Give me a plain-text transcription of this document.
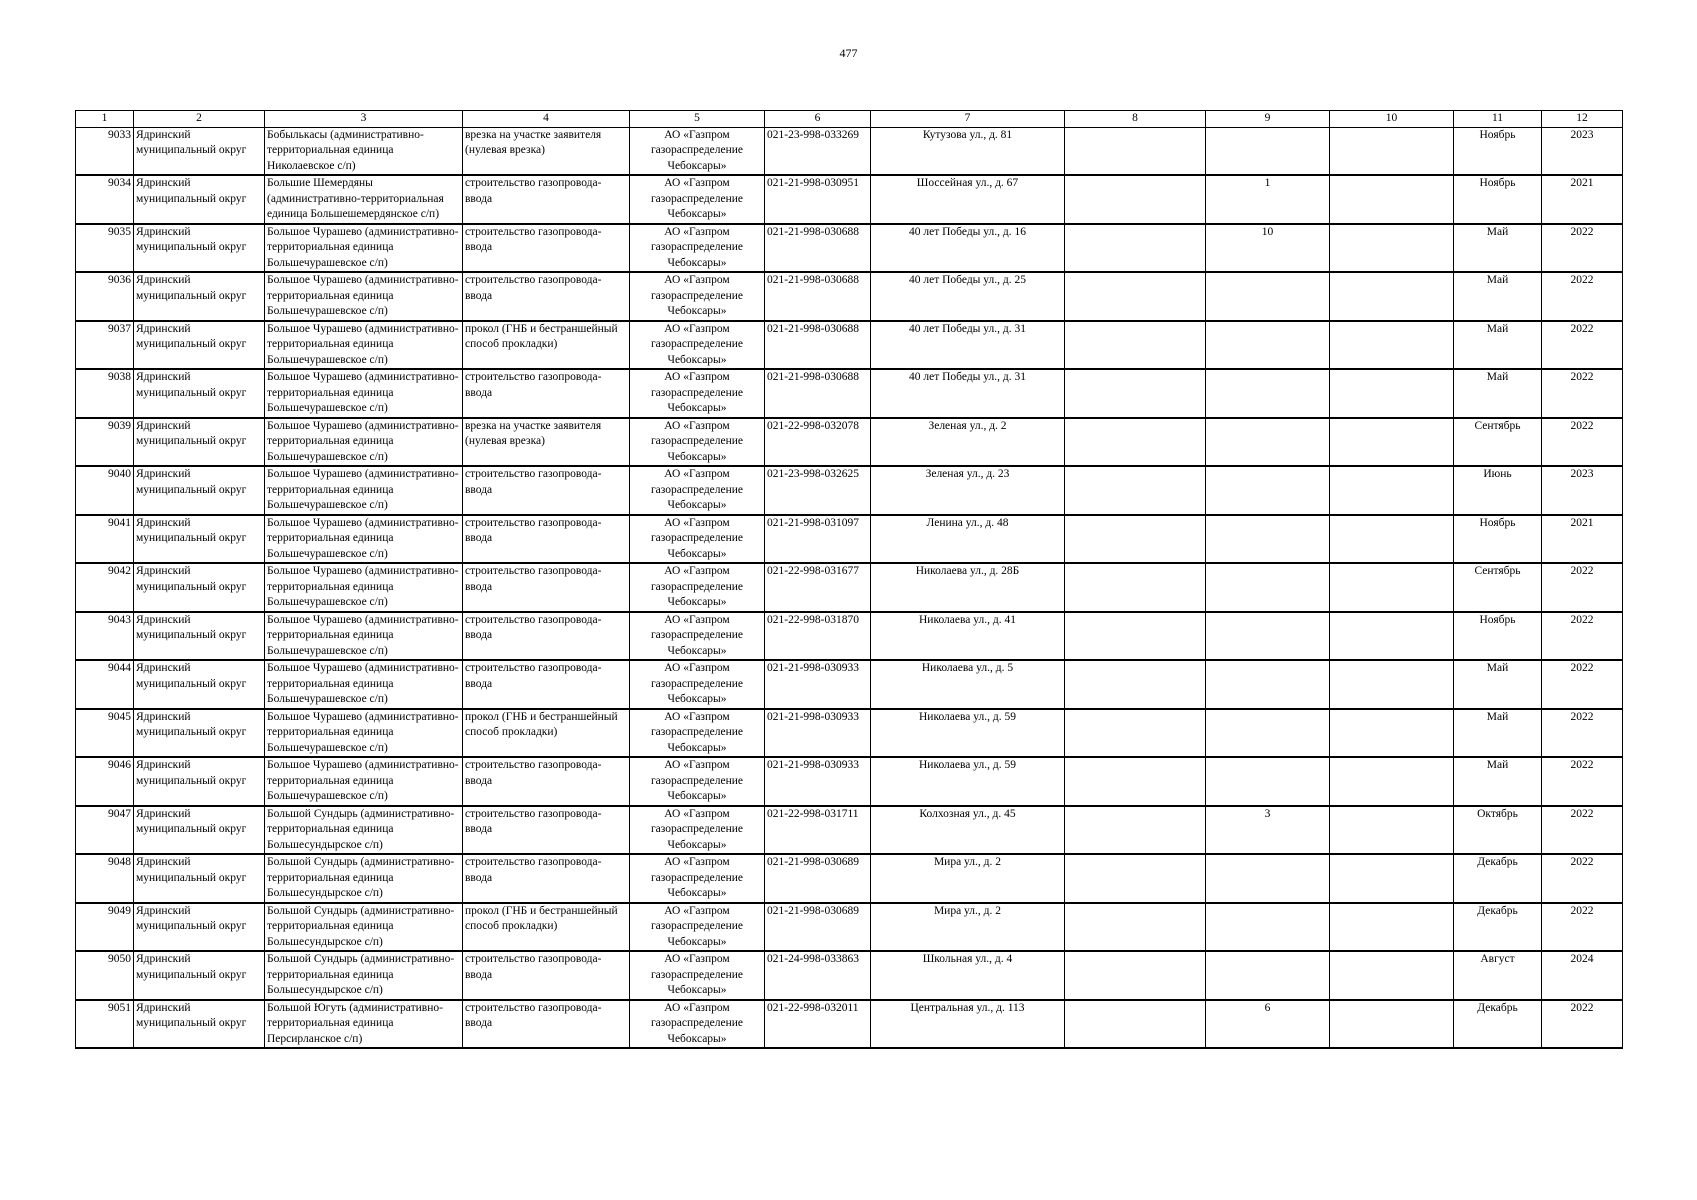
477
1	2	3	4	5	6	7	8	9	10	11	12
9033	Ядринский муниципальный округ	Бобылькасы (административно-территориальная единица Николаевское с/п)	врезка на участке заявителя (нулевая врезка)	АО «Газпром газораспределение Чебоксары»	021-23-998-033269	Кутузова ул., д. 81				Ноябрь	2023
9034	Ядринский муниципальный округ	Большие Шемердяны (административно-территориальная единица Большешемердянское с/п)	строительство газопровода-ввода	АО «Газпром газораспределение Чебоксары»	021-21-998-030951	Шоссейная ул., д. 67		1		Ноябрь	2021
9035	Ядринский муниципальный округ	Большое Чурашево (административно-территориальная единица Большечурашевское с/п)	строительство газопровода-ввода	АО «Газпром газораспределение Чебоксары»	021-21-998-030688	40 лет Победы ул., д. 16		10		Май	2022
9036	Ядринский муниципальный округ	Большое Чурашево (административно-территориальная единица Большечурашевское с/п)	строительство газопровода-ввода	АО «Газпром газораспределение Чебоксары»	021-21-998-030688	40 лет Победы ул., д. 25				Май	2022
9037	Ядринский муниципальный округ	Большое Чурашево (административно-территориальная единица Большечурашевское с/п)	прокол (ГНБ и бестраншейный способ прокладки)	АО «Газпром газораспределение Чебоксары»	021-21-998-030688	40 лет Победы ул., д. 31				Май	2022
9038	Ядринский муниципальный округ	Большое Чурашево (административно-территориальная единица Большечурашевское с/п)	строительство газопровода-ввода	АО «Газпром газораспределение Чебоксары»	021-21-998-030688	40 лет Победы ул., д. 31				Май	2022
9039	Ядринский муниципальный округ	Большое Чурашево (административно-территориальная единица Большечурашевское с/п)	врезка на участке заявителя (нулевая врезка)	АО «Газпром газораспределение Чебоксары»	021-22-998-032078	Зеленая ул., д. 2				Сентябрь	2022
9040	Ядринский муниципальный округ	Большое Чурашево (административно-территориальная единица Большечурашевское с/п)	строительство газопровода-ввода	АО «Газпром газораспределение Чебоксары»	021-23-998-032625	Зеленая ул., д. 23				Июнь	2023
9041	Ядринский муниципальный округ	Большое Чурашево (административно-территориальная единица Большечурашевское с/п)	строительство газопровода-ввода	АО «Газпром газораспределение Чебоксары»	021-21-998-031097	Ленина ул., д. 48				Ноябрь	2021
9042	Ядринский муниципальный округ	Большое Чурашево (административно-территориальная единица Большечурашевское с/п)	строительство газопровода-ввода	АО «Газпром газораспределение Чебоксары»	021-22-998-031677	Николаева ул., д. 28Б				Сентябрь	2022
9043	Ядринский муниципальный округ	Большое Чурашево (административно-территориальная единица Большечурашевское с/п)	строительство газопровода-ввода	АО «Газпром газораспределение Чебоксары»	021-22-998-031870	Николаева ул., д. 41				Ноябрь	2022
9044	Ядринский муниципальный округ	Большое Чурашево (административно-территориальная единица Большечурашевское с/п)	строительство газопровода-ввода	АО «Газпром газораспределение Чебоксары»	021-21-998-030933	Николаева ул., д. 5				Май	2022
9045	Ядринский муниципальный округ	Большое Чурашево (административно-территориальная единица Большечурашевское с/п)	прокол (ГНБ и бестраншейный способ прокладки)	АО «Газпром газораспределение Чебоксары»	021-21-998-030933	Николаева ул., д. 59				Май	2022
9046	Ядринский муниципальный округ	Большое Чурашево (административно-территориальная единица Большечурашевское с/п)	строительство газопровода-ввода	АО «Газпром газораспределение Чебоксары»	021-21-998-030933	Николаева ул., д. 59				Май	2022
9047	Ядринский муниципальный округ	Большой Сундырь (административно-территориальная единица Большесундырское с/п)	строительство газопровода-ввода	АО «Газпром газораспределение Чебоксары»	021-22-998-031711	Колхозная ул., д. 45		3		Октябрь	2022
9048	Ядринский муниципальный округ	Большой Сундырь (административно-территориальная единица Большесундырское с/п)	строительство газопровода-ввода	АО «Газпром газораспределение Чебоксары»	021-21-998-030689	Мира ул., д. 2				Декабрь	2022
9049	Ядринский муниципальный округ	Большой Сундырь (административно-территориальная единица Большесундырское с/п)	прокол (ГНБ и бестраншейный способ прокладки)	АО «Газпром газораспределение Чебоксары»	021-21-998-030689	Мира ул., д. 2				Декабрь	2022
9050	Ядринский муниципальный округ	Большой Сундырь (административно-территориальная единица Большесундырское с/п)	строительство газопровода-ввода	АО «Газпром газораспределение Чебоксары»	021-24-998-033863	Школьная ул., д. 4				Август	2024
9051	Ядринский муниципальный округ	Большой Югуть (административно-территориальная единица Персирланское с/п)	строительство газопровода-ввода	АО «Газпром газораспределение Чебоксары»	021-22-998-032011	Центральная ул., д. 113		6		Декабрь	2022
